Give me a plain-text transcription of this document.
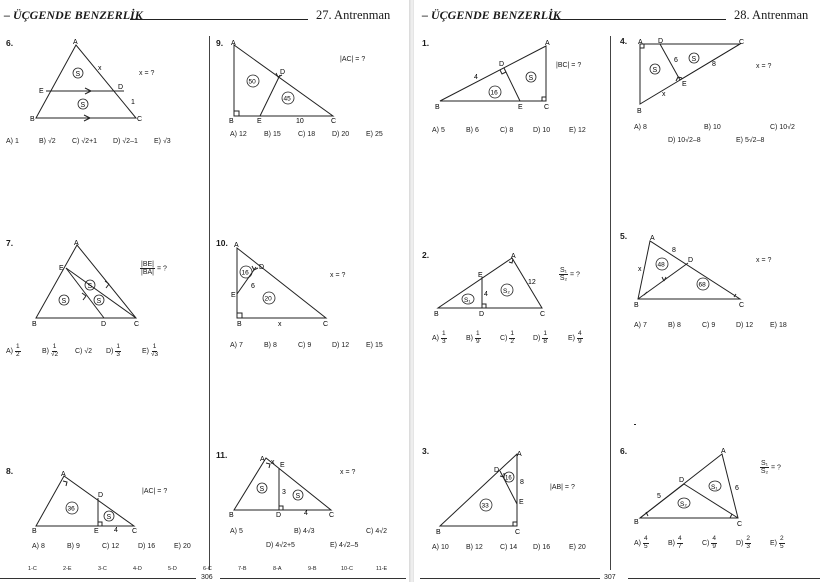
– ÜÇGENDE BENZERLİK	27. Antrenman
6.
S
S
A
B	C
E
D
x
1
x = ?
A) 1	B) √2 C) √2+1 D) √2–1 E) √3
7.
S
S
S
A
B	C
D
E	$\frac{|BE|}{|BA|}$ = ?
$A) \frac{1}{2}$	$B) \frac{1}{√2} C$) √2 $D) \frac{1}{3}$	$E) \frac{1}{√3}$
8.
36
S
A
B	C
D
E 4
|AC| = ?
A) 8	B) 9	C) 12	D) 16	E) 20
9.
50
45
A
B	C
D
E	10
|AC| = ?
A) 12 B) 15 C) 18 D) 20 E) 25
10.
16
20
A
B	C
D
E
6
x
x = ?
A) 7	B) 8	C) 9	D) 12 E) 15
11.
S
S
A
B	C
D
E
x
3
4
x = ?
A) 5	B) 4√3	C) 4√2
D) 4√2+5	E) 4√2–5
1-C	2-E	3-C	4-D	5-D	6-C	7-B	8-A	9-B	10-C	11-E
306
– ÜÇGENDE BENZERLİK	28. Antrenman
1.
16
S
A
B	C
D
E
4
|BC| = ?
A) 5	B) 6	C) 8	D) 10	E) 12
2.
S₁
S₂
A
B	C
D
E
4
12	$\frac{\text{S₁}}{\text{S₂}}$ = ?
$A) \frac{1}{3}$	$B) \frac{1}{9}$	$C) \frac{1}{2}$	$D) \frac{1}{8}$	$E) \frac{4}{9}$
3.
16
33
A
B	C
D
E
8
|AB| = ?
A) 10 B) 12 C) 14 D) 16	E) 20
4.
S
S
A
B
C
D
E
6
8
x
x = ?
A) 8	B) 10	C) 10√2
D) 10√2–8	E) 5√2–8
5.
48
68
A
B	C
D
8
x
x = ?
A) 7	B) 8	C) 9	D) 12 E) 18

6.
S₁
S₂
A
B	C
D
5
6
$\frac{\text{S₁}}{\text{S₂}}$ = ?
$A) \frac{4}{5}$	$B) \frac{4}{7}$	$C) \frac{4}{9}$	$D) \frac{2}{3}$	$E) \frac{2}{5}$
307
